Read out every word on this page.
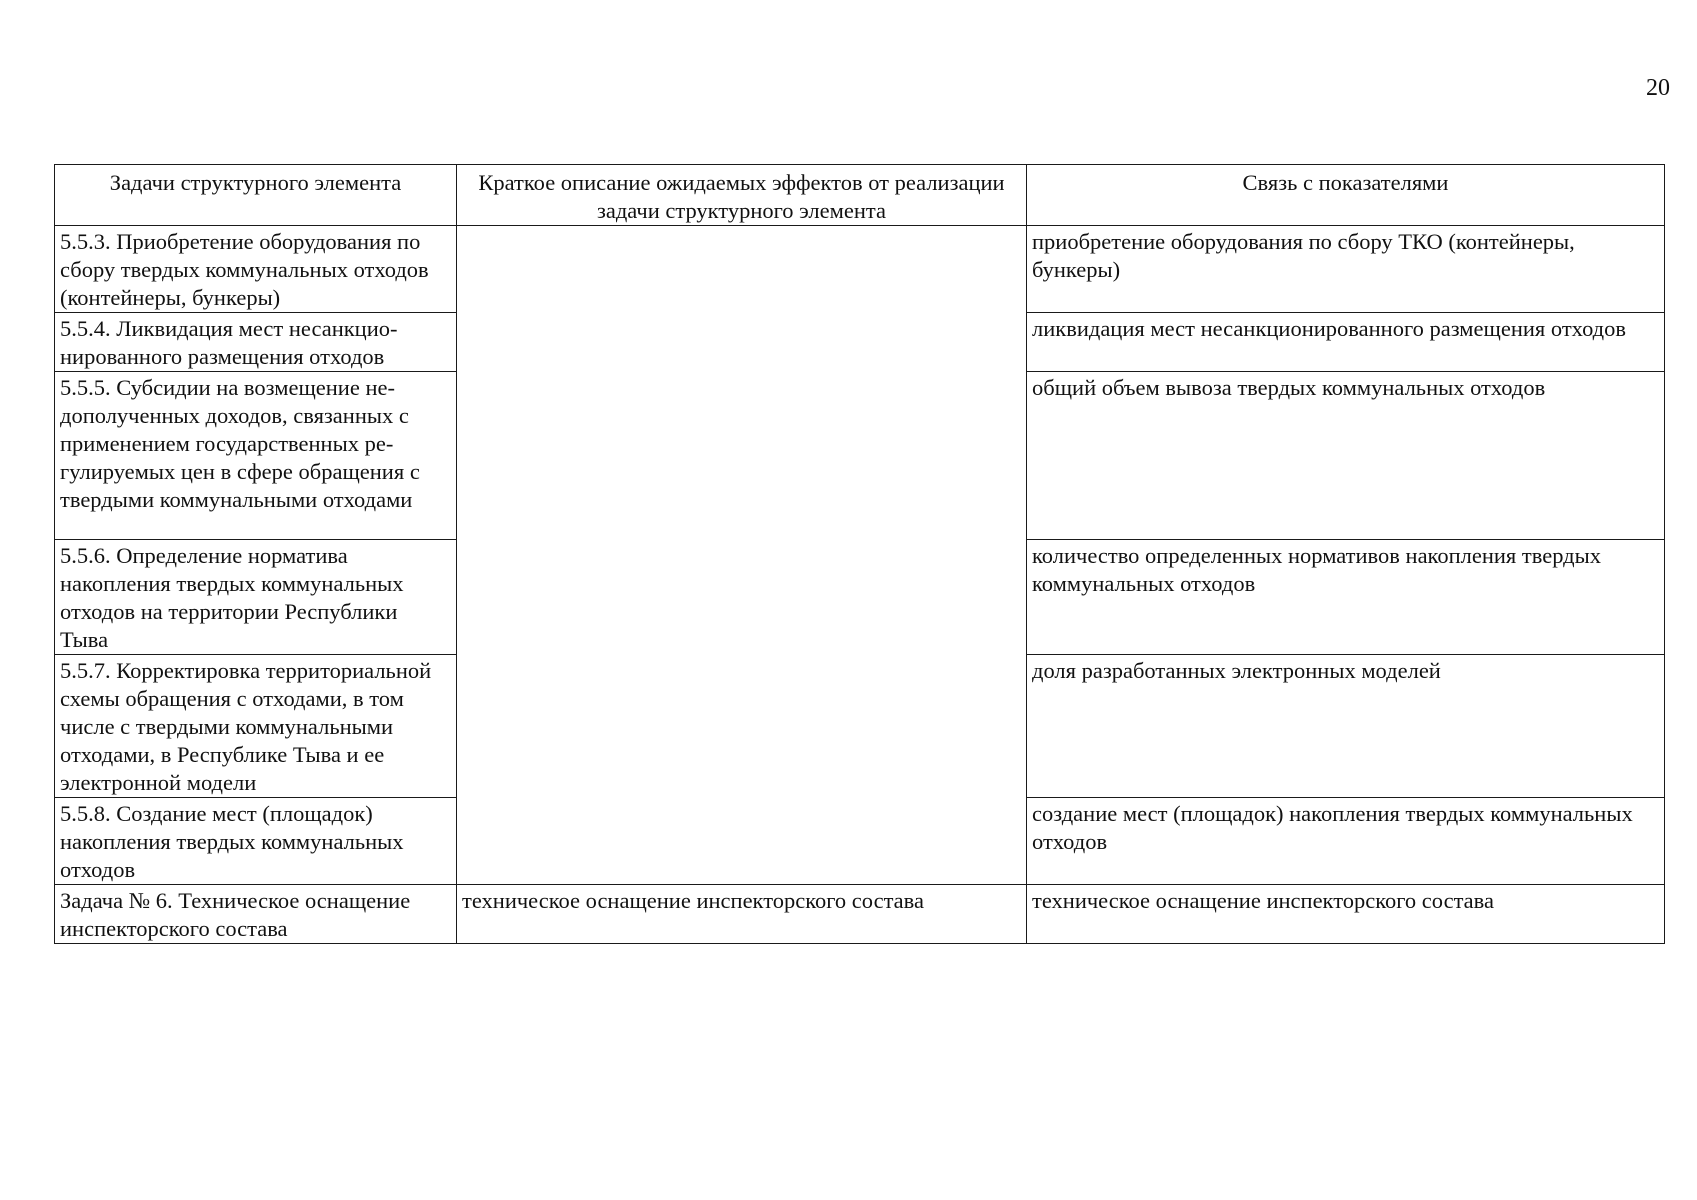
20
Задачи структурного элемента	Краткое описание ожидаемых эффектов от реализации задачи структурного элемента	Связь с показателями
5.5.3. Приобретение оборудования по сбору твердых коммунальных отходов (контейнеры, бункеры)		приобретение оборудования по сбору ТКО (контейнеры, бункеры)
5.5.4. Ликвидация мест несанкционированного размещения отходов		ликвидация мест несанкционированного размещения отходов
5.5.5. Субсидии на возмещение недополученных доходов, связанных с применением государственных регулируемых цен в сфере обращения с твердыми коммунальными отходами		общий объем вывоза твердых коммунальных отходов
5.5.6. Определение норматива накопления твердых коммунальных отходов на территории Республики Тыва		количество определенных нормативов накопления твердых коммунальных отходов
5.5.7. Корректировка территориальной схемы обращения с отходами, в том числе с твердыми коммунальными отходами, в Республике Тыва и ее электронной модели		доля разработанных электронных моделей
5.5.8. Создание мест (площадок) накопления твердых коммунальных отходов		создание мест (площадок) накопления твердых коммунальных отходов
Задача № 6. Техническое оснащение инспекторского состава	техническое оснащение инспекторского состава	техническое оснащение инспекторского состава
